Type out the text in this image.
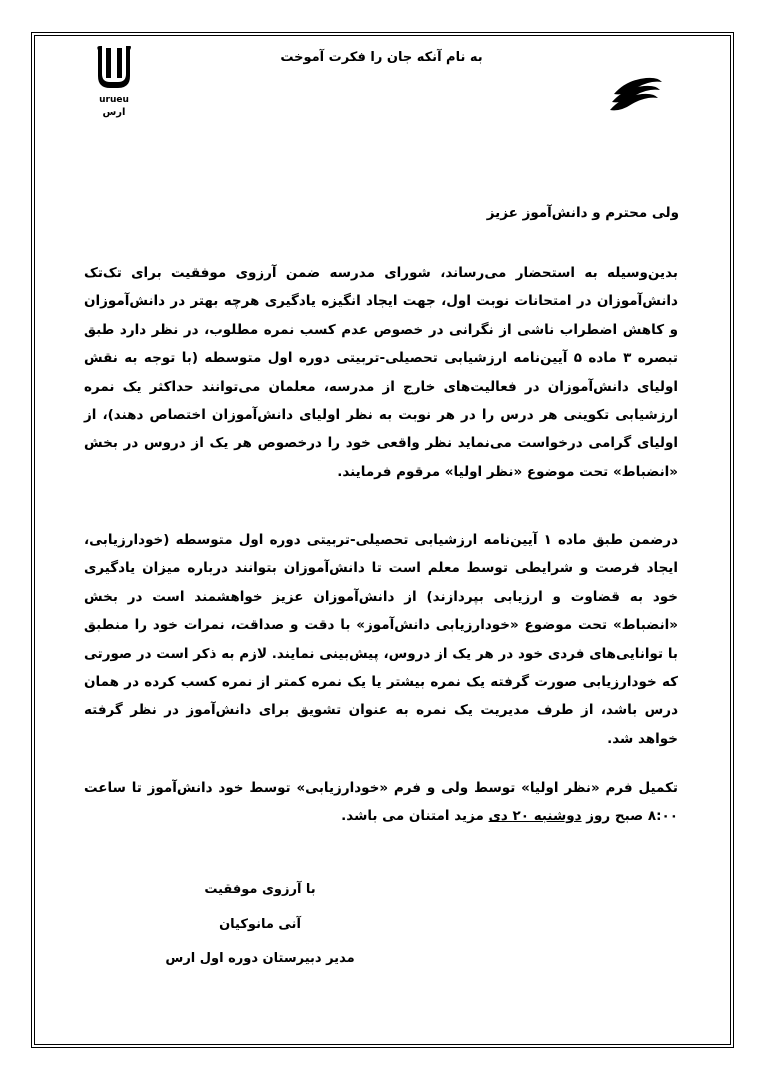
به نام آنکه جان را فکرت آموخت
urueu
ارس
ولی محترم و دانش‌آموز عزیز
بدین‌وسیله به استحضار می‌رساند، شورای مدرسه ضمن آرزوی موفقیت برای تک‌تک دانش‌آموزان در امتحانات نوبت اول، جهت ایجاد انگیزه یادگیری هرچه بهتر در دانش‌آموزان و کاهش اضطراب ناشی از نگرانی در خصوص عدم کسب نمره مطلوب، در نظر دارد طبق تبصره ۳ ماده ۵ آیین‌نامه ارزشیابی تحصیلی-تربیتی دوره اول متوسطه (با توجه به نقش اولیای دانش‌آموزان در فعالیت‌های خارج از مدرسه، معلمان می‌توانند حداکثر یک نمره ارزشیابی تکوینی هر درس را در هر نوبت به نظر اولیای دانش‌آموزان اختصاص دهند)، از اولیای گرامی درخواست می‌نماید نظر واقعی خود را درخصوص هر یک از دروس در بخش «انضباط» تحت موضوع «نظر اولیا» مرقوم فرمایند.
درضمن طبق ماده ۱ آیین‌نامه ارزشیابی تحصیلی-تربیتی دوره اول متوسطه (خودارزیابی، ایجاد فرصت و شرایطی توسط معلم است تا دانش‌آموزان بتوانند درباره میزان یادگیری خود به قضاوت و ارزیابی بپردازند) از دانش‌آموزان عزیز خواهشمند است در بخش «انضباط» تحت موضوع «خودارزیابی دانش‌آموز» با دقت و صداقت، نمرات خود را منطبق با توانایی‌های فردی خود در هر یک از دروس، پیش‌بینی نمایند. لازم به ذکر است در صورتی که خودارزیابی صورت گرفته یک نمره بیشتر یا یک نمره کمتر از نمره کسب کرده در همان درس باشد، از طرف مدیریت یک نمره به عنوان تشویق برای دانش‌آموز در نظر گرفته خواهد شد.
تکمیل فرم «نظر اولیا» توسط ولی و فرم «خودارزیابی» توسط خود دانش‌آموز تا ساعت ۸:۰۰ صبح روز دوشنبه ۲۰ دی مزید امتنان می باشد.
با آرزوی موفقیت
آنی مانوکیان
مدیر دبیرستان دوره اول ارس
